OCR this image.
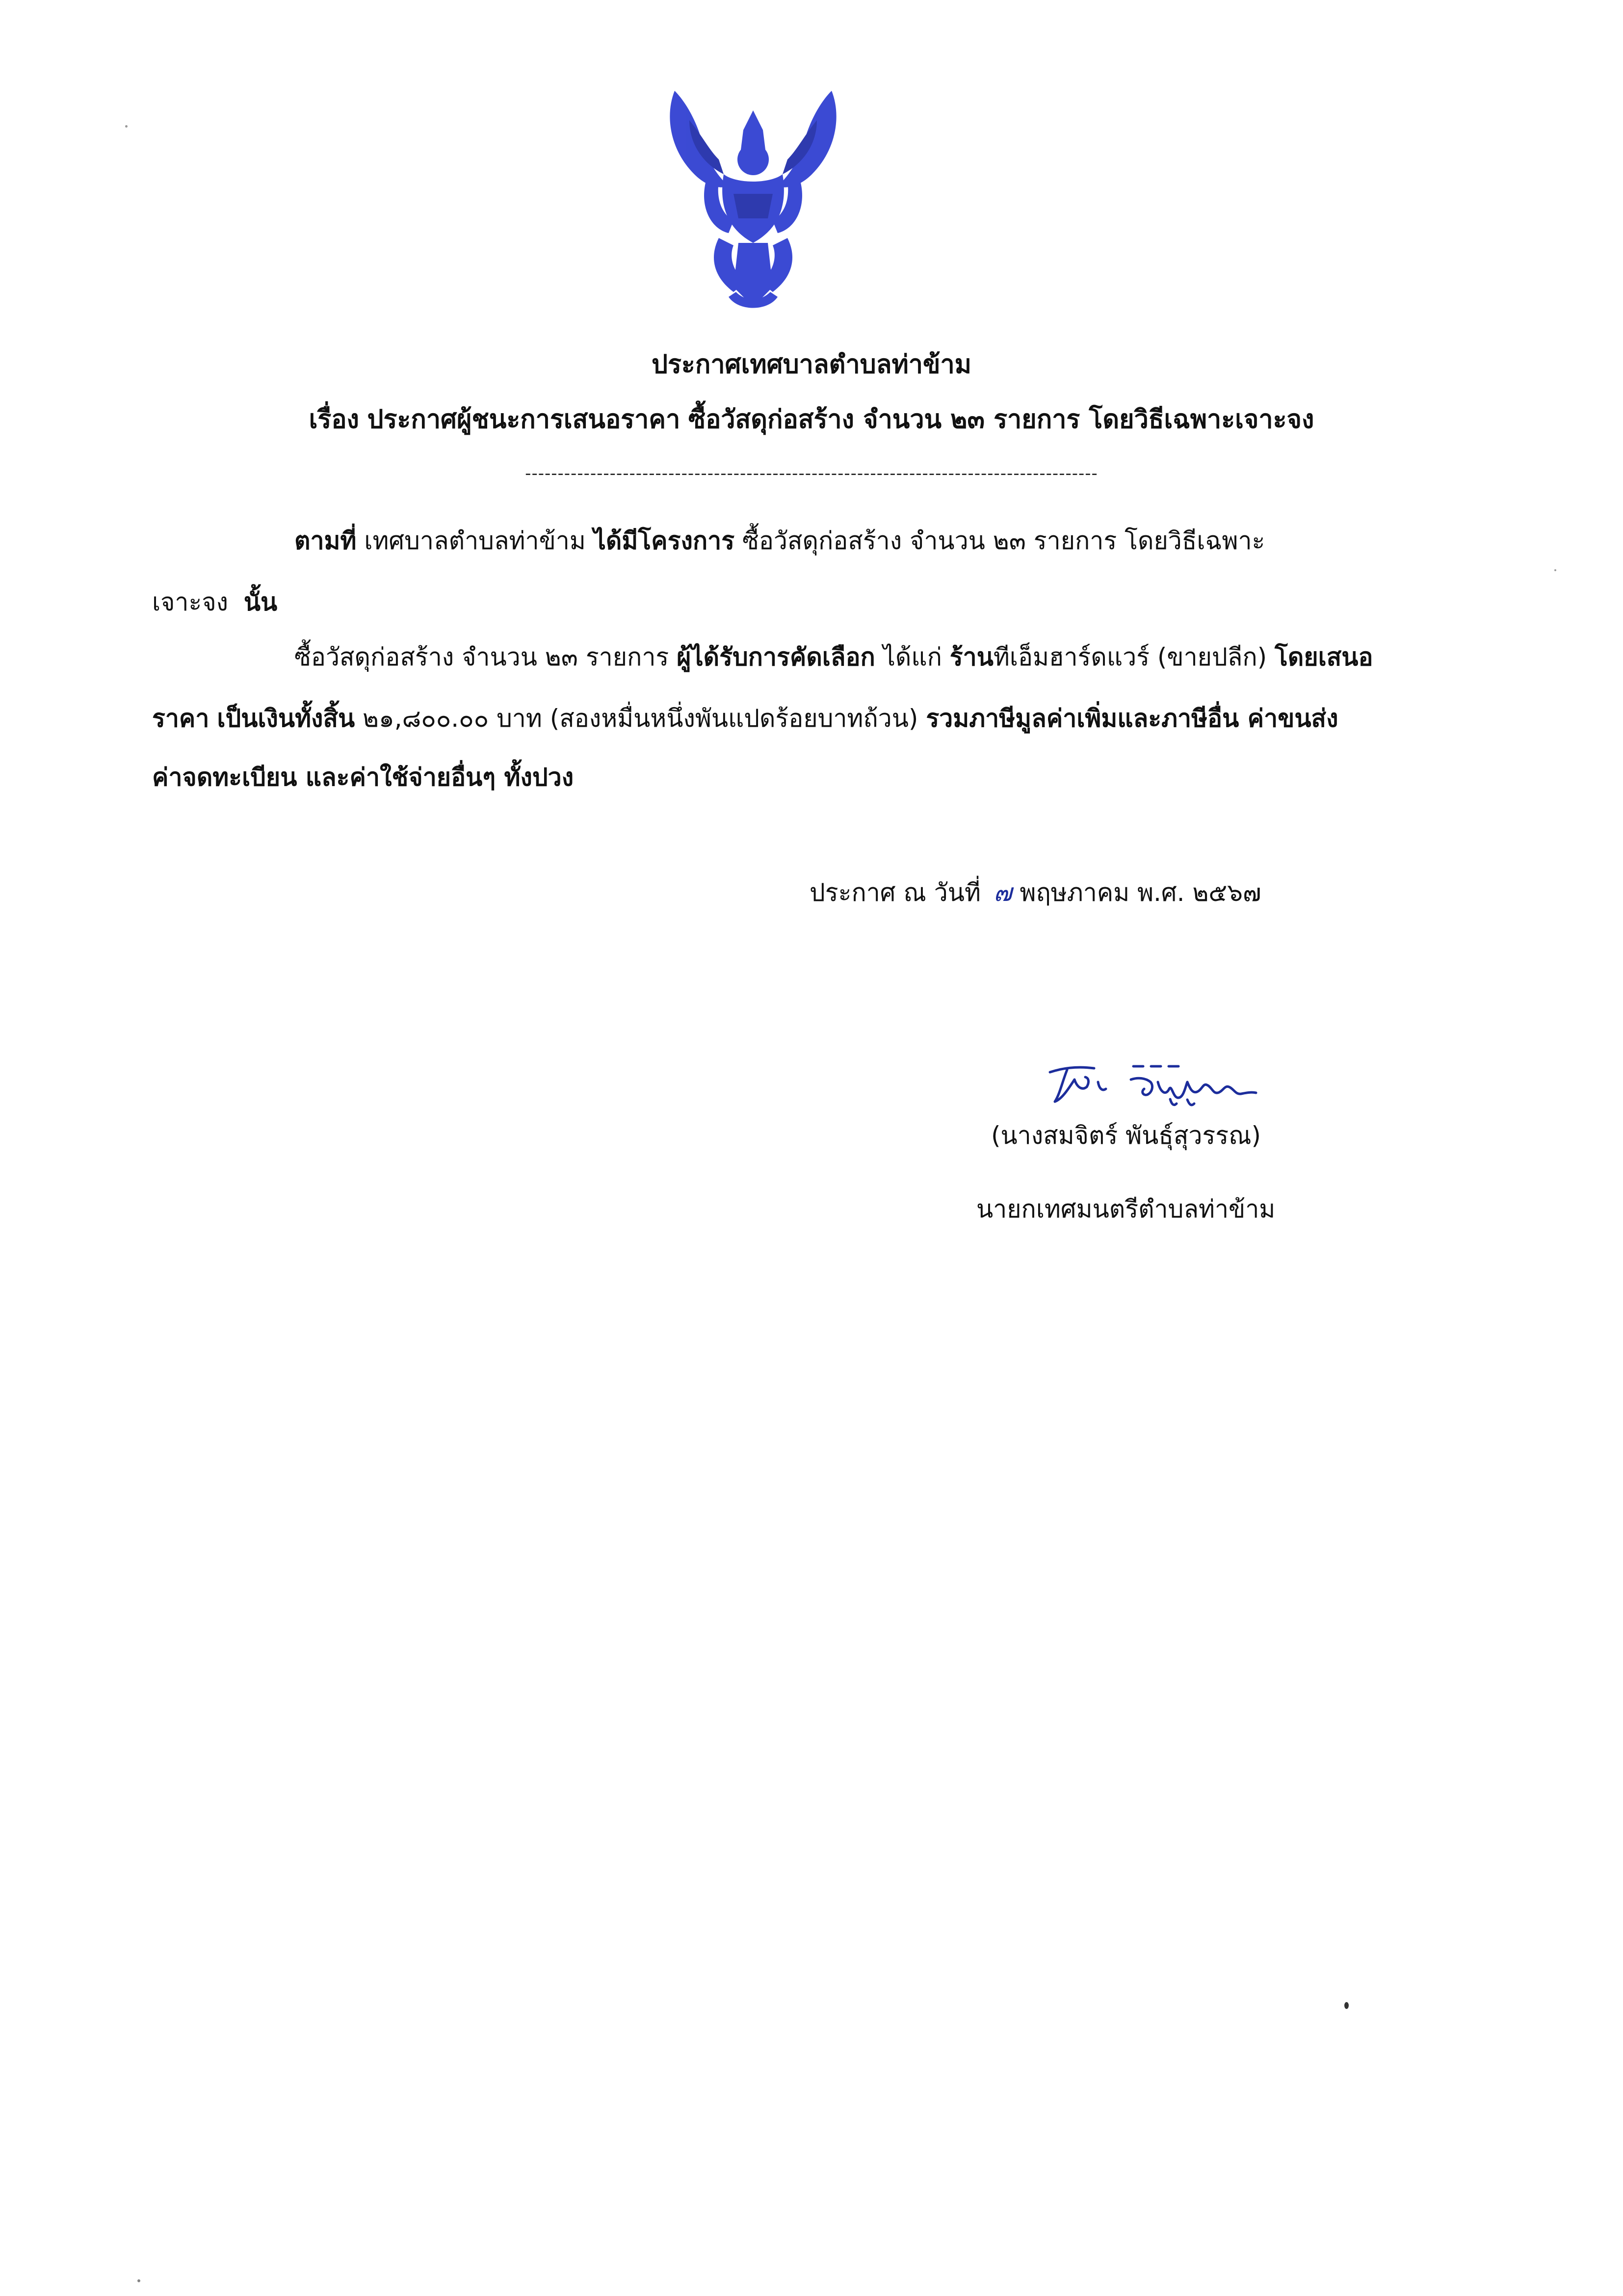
ประกาศเทศบาลตำบลท่าข้าม
เรื่อง ประกาศผู้ชนะการเสนอราคา ซื้อวัสดุก่อสร้าง จำนวน ๒๓ รายการ โดยวิธีเฉพาะเจาะจง
----------------------------------------------------------------------------------------
ตามที่ เทศบาลตำบลท่าข้าม ได้มีโครงการ ซื้อวัสดุก่อสร้าง จำนวน ๒๓ รายการ โดยวิธีเฉพาะ
เจาะจง นั้น
ซื้อวัสดุก่อสร้าง จำนวน ๒๓ รายการ ผู้ได้รับการคัดเลือก ได้แก่ ร้านทีเอ็มฮาร์ดแวร์ (ขายปลีก) โดยเสนอ
ราคา เป็นเงินทั้งสิ้น ๒๑,๘๐๐.๐๐ บาท (สองหมื่นหนึ่งพันแปดร้อยบาทถ้วน) รวมภาษีมูลค่าเพิ่มและภาษีอื่น ค่าขนส่ง
ค่าจดทะเบียน และค่าใช้จ่ายอื่นๆ ทั้งปวง
ประกาศ ณ วันที่ ๗ พฤษภาคม พ.ศ. ๒๕๖๗
(นางสมจิตร์ พันธุ์สุวรรณ)
นายกเทศมนตรีตำบลท่าข้าม
